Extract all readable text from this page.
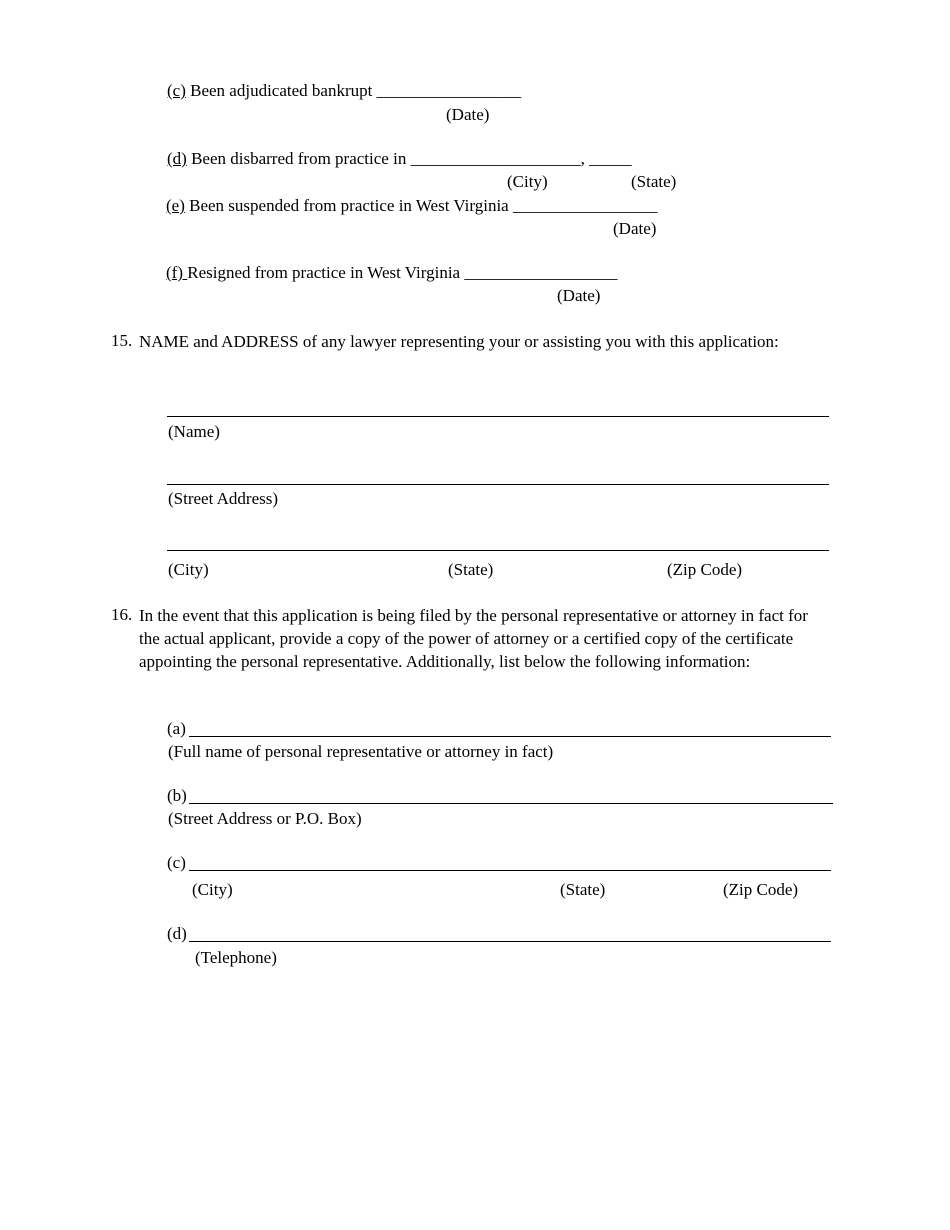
(c) Been adjudicated bankrupt _________________
(Date)
(d) Been disbarred from practice in ____________________, _____
(City)	(State)
(e) Been suspended from practice in West Virginia _________________
(Date)
(f) Resigned from practice in West Virginia __________________
(Date)
15. NAME and ADDRESS of any lawyer representing your or assisting you with this application:
(Name)
(Street Address)
(City)	(State)	(Zip Code)
16. In the event that this application is being filed by the personal representative or attorney in fact for the actual applicant, provide a copy of the power of attorney or a certified copy of the certificate appointing the personal representative. Additionally, list below the following information:
(a)
(Full name of personal representative or attorney in fact)
(b)
(Street Address or P.O. Box)
(c)
(City)	(State)	(Zip Code)
(d)
(Telephone)
